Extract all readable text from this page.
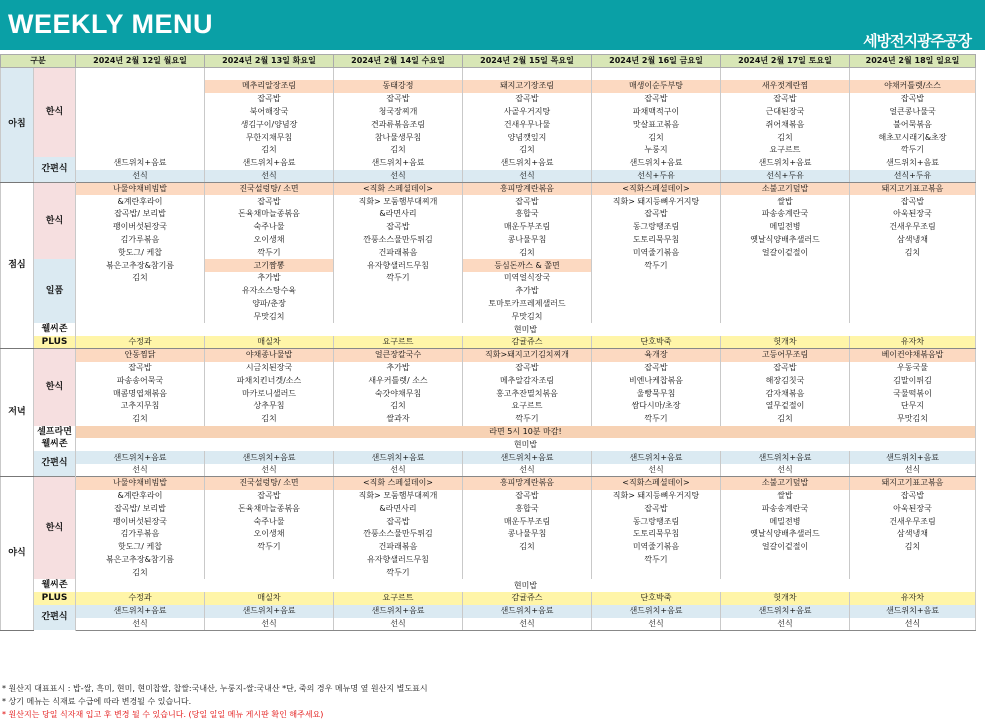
WEEKLY MENU
세방전지광주공장
구분		2024년 2월 12일 월요일	2024년 2월 13일 화요일	2024년 2월 14일 수요일	2024년 2월 15일 목요일	2024년 2월 16일 금요일	2024년 2월 17일 토요일	2024년 2월 18일 일요일
아침	한식							
			메추리알장조림	동태강정	돼지고기장조림	매생이순두부탕	새우젓계란찜	야채커틀렛/소스
			잡곡밥	잡곡밥	잡곡밥	잡곡밥	잡곡밥	잡곡밥
			북어해장국	청국장찌개	사골우거지탕	파채맥적구이	근대된장국	얼큰콩나물국
			생김구이/양념장	견과류볶음조림	건새우무나물	맛살표고볶음	쥐어채볶음	불어묵볶음
			무한지채무침	참나물생무침	양념깻잎지	김치	김치	해초꼬시래기&초장
			김치	김치	김치	누룽지	요구르트	깍두기
	간편식	샌드위치+음료	샌드위치+음료	샌드위치+음료	샌드위치+음료	샌드위치+음료	샌드위치+음료	샌드위치+음료
		선식	선식	선식	선식	선식+두유	선식+두유	선식+두유
점심	한식	나물야채비빔밥	진국설렁탕/ 소면	<직화 스페셜데이>	흥피망계란볶음	<직화스페셜데이>	소불고기덮밥	돼지고기표고볶음
		&계란후라이	잡곡밥	직화> 모둠햄부대찌개	잡곡밥	직화> 돼지등뼈우거지탕	쌀밥	잡곡밥
		잡곡밥/ 보리밥	돈육채마늘종볶음	&라면사리	흥합국	잡곡밥	파송송계란국	아욱된장국
		팽이버섯된장국	숙주나물	잡곡밥	매운두부조림	동그랑땡조림	메밀전병	건새우무조림
		김가루볶음	오이생채	깐풍소스물만두튀김	콩나물무침	도토리묵무침	옛날식양배추샐러드	삼색냉채
		핫도그/ 케찹	깍두기	건파래볶음	김치	미역줄기볶음	얼갈이겉절이	김치
	일품	볶은고추장&참기름	고기짬뽕	유자향샐러드무침	등심돈까스 & 쫄면	깍두기		
		김치	추가밥	깍두기	미역얼식장국			
			유자소스탕수육		추가밥			
			양파/춘장		토마토카프레제샐러드			
			무맛김치		무맛김치			
	웰씨존	현미밥						
	PLUS	수정과	매실차	요구르트	감귤쥬스	단호박죽	헛개차	유자차
저녁	한식	안동찜닭	야채종나물밥	얼큰장칼국수	직화>돼지고기김치찌개	육개장	고등어무조림	베이컨야채볶음밥
		잡곡밥	시금치된장국	추가밥	잡곡밥	잡곡밥	잡곡밥	우동국물
		파송송어묵국	파채치킨너겟/소스	새우커틀렛/ 소스	메추알감자조림	비엔나케찹볶음	해장김칫국	김말이튀김
		매콤명엽채볶음	마카로니샐러드	숙갓야채무침	홍고추잔멸치볶음	울빵묵무침	감자채볶음	국물떡볶이
		고추지무침	상추무침	김치	요구르트	쌈다시마/초장	열무겉절이	단무지
		김치	김치	쌀과자	깍두기	깍두기	김치	무맛김치
	셀프라면	라면 5시 10분 마감!						
	웰씨존	현미밥						
	간편식	샌드위치+음료	샌드위치+음료	샌드위치+음료	샌드위치+음료	샌드위치+음료	샌드위치+음료	샌드위치+음료
		선식	선식	선식	선식	선식	선식	선식
야식	한식	나물야채비빔밥	진국설렁탕/ 소면	<직화 스페셜데이>	흥피망계란볶음	<직화스페셜데이>	소불고기덮밥	돼지고기표고볶음
		&계란후라이	잡곡밥	직화> 모둠햄부대찌개	잡곡밥	직화> 돼지등뼈우거지탕	쌀밥	잡곡밥
		잡곡밥/ 보리밥	돈육채마늘종볶음	&라면사리	흥합국	잡곡밥	파송송계란국	아욱된장국
		팽이버섯된장국	숙주나물	잡곡밥	매운두부조림	동그랑땡조림	메밀전병	건새우무조림
		김가루볶음	오이생채	깐풍소스물만두튀김	콩나물무침	도토리묵무침	옛날식양배추샐러드	삼색냉채
		핫도그/ 케찹	깍두기	건파래볶음	김치	미역줄기볶음	얼갈이겉절이	김치
		볶은고추장&참기름		유자향샐러드무침		깍두기		
		김치		깍두기				
	웰씨존	현미밥						
	PLUS	수정과	매실차	요구르트	감귤쥬스	단호박죽	헛개차	유자차
	간편식	샌드위치+음료	샌드위치+음료	샌드위치+음료	샌드위치+음료	샌드위치+음료	샌드위치+음료	샌드위치+음료
		선식	선식	선식	선식	선식	선식	선식
* 원산지 대표표시 : 밥-쌀, 흑미, 현미, 현미찹쌀, 찹쌀:국내산, 누룽지-쌀:국내산 *단, 죽의 경우 메뉴명 옆 원산지 별도표시
* 상기 메뉴는 식재료 수급에 따라 변경될 수 있습니다.
* 원산지는 당일 식자재 입고 후 변경 될 수 있습니다. (당일 일일 메뉴 게시판 확인 해주세요)
